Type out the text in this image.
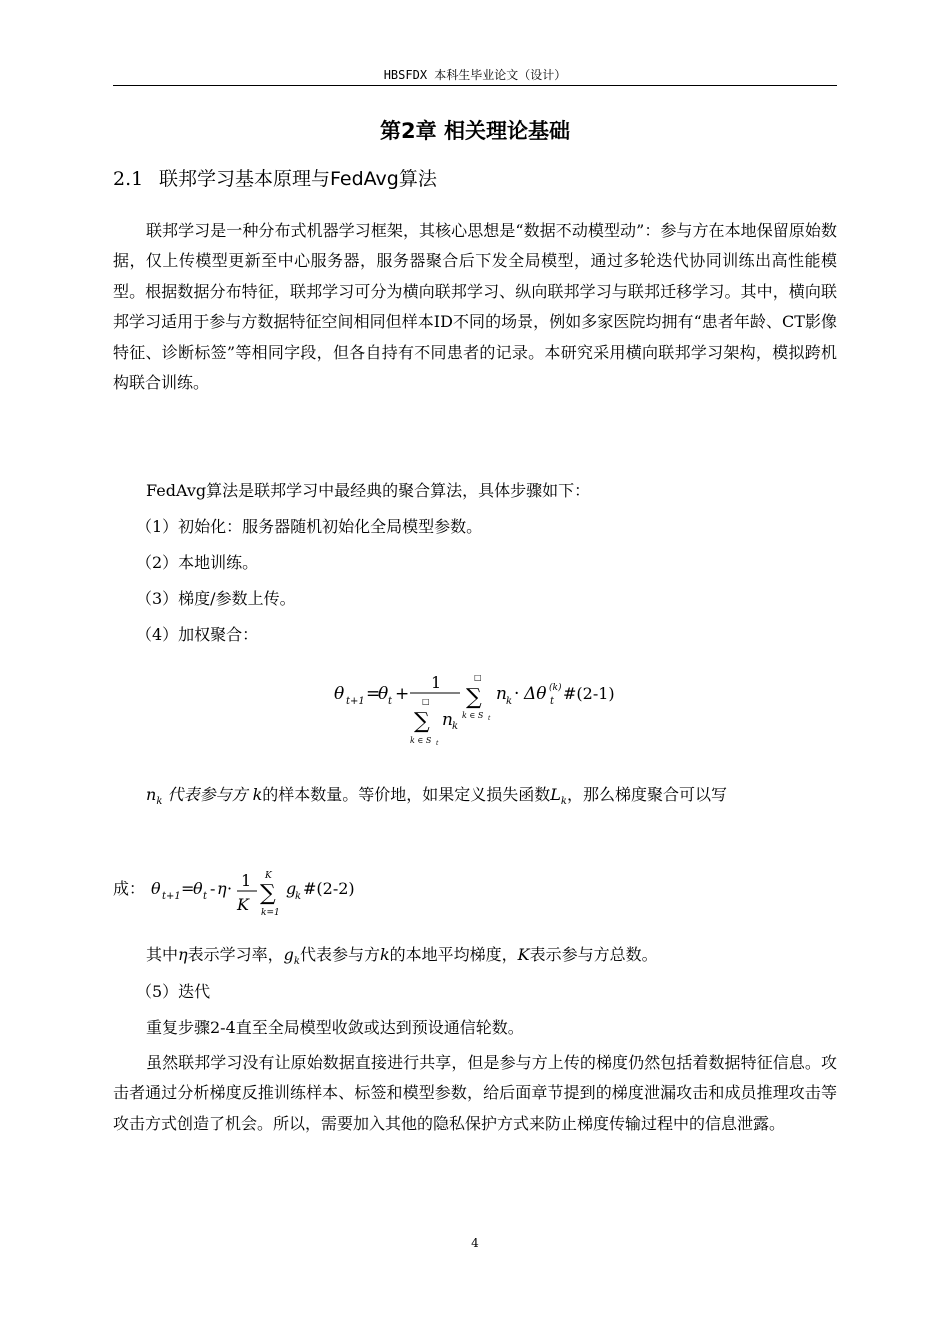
HBSFDX 本科生毕业论文（设计）
第2章 相关理论基础
2.1 联邦学习基本原理与FedAvg算法
联邦学习是一种分布式机器学习框架，其核心思想是“数据不动模型动”：参与方在本地保留原始数据，仅上传模型更新至中心服务器，服务器聚合后下发全局模型，通过多轮迭代协同训练出高性能模型。根据数据分布特征，联邦学习可分为横向联邦学习、纵向联邦学习与联邦迁移学习。其中，横向联邦学习适用于参与方数据特征空间相同但样本ID不同的场景，例如多家医院均拥有“患者年龄、CT影像特征、诊断标签”等相同字段，但各自持有不同患者的记录。本研究采用横向联邦学习架构，模拟跨机构联合训练。
FedAvg算法是联邦学习中最经典的聚合算法，具体步骤如下：
（1）初始化：服务器随机初始化全局模型参数。
（2）本地训练。
（3）梯度/参数上传。
（4）加权聚合：
θ t+1 =
θ t +
1
□
∑
k ∈ S t
n k
□
∑
k ∈ S t
n k · Δθ (k)
t #(2-1)
$n_k$ 代表参与方 k的样本数量。等价地，如果定义损失函数$L_k$，那么梯度聚合可以写
成： θ t+1 =
θ t - η · 1
K
K
∑
k=1
g
k #(2-2)
其中η表示学习率，$g_k$代表参与方k的本地平均梯度，K表示参与方总数。
（5）迭代
重复步骤2-4直至全局模型收敛或达到预设通信轮数。
虽然联邦学习没有让原始数据直接进行共享，但是参与方上传的梯度仍然包括着数据特征信息。攻击者通过分析梯度反推训练样本、标签和模型参数，给后面章节提到的梯度泄漏攻击和成员推理攻击等攻击方式创造了机会。所以，需要加入其他的隐私保护方式来防止梯度传输过程中的信息泄露。
4
